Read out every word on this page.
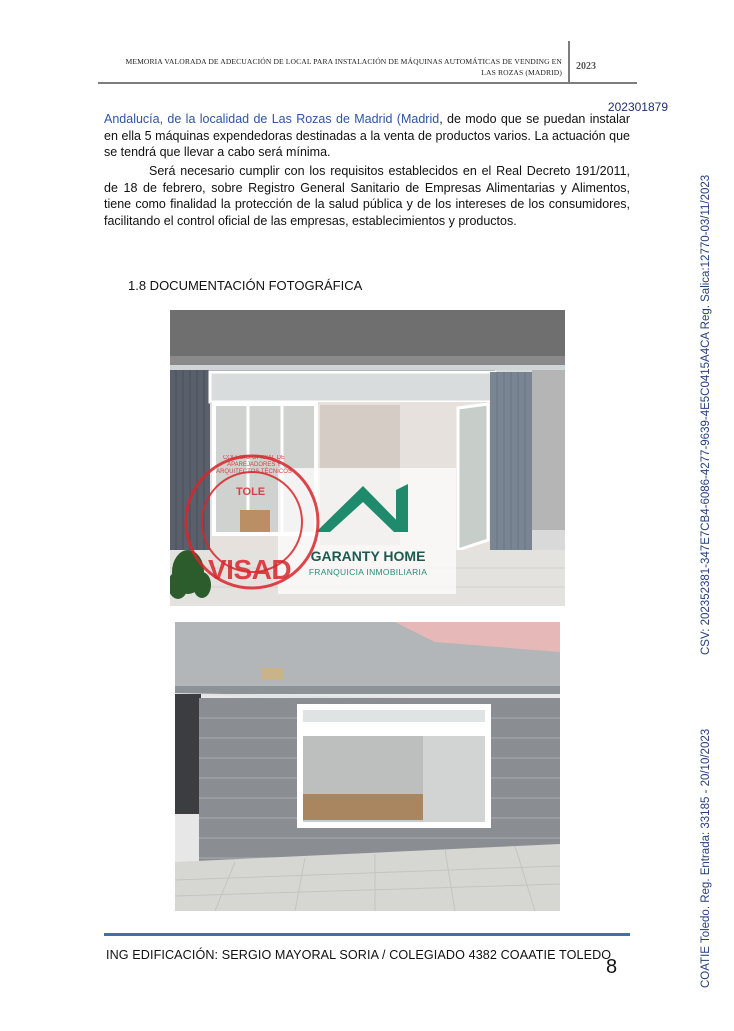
MEMORIA VALORADA DE ADECUACIÓN DE LOCAL PARA INSTALACIÓN DE MÁQUINAS AUTOMÁTICAS DE VENDING EN
LAS ROZAS (MADRID)
2023
202301879
Andalucía, de la localidad de Las Rozas de Madrid (Madrid, de modo que se puedan instalar en ella 5 máquinas expendedoras destinadas a la venta de productos varios. La actuación que se tendrá que llevar a cabo será mínima.
Será necesario cumplir con los requisitos establecidos en el Real Decreto 191/2011, de 18 de febrero, sobre Registro General Sanitario de Empresas Alimentarias y Alimentos, tiene como finalidad la protección de la salud pública y de los intereses de los consumidores, facilitando el control oficial de las empresas, establecimientos y productos.
1.8 DOCUMENTACIÓN FOTOGRÁFICA
COLEGIO OFICIAL DE APAREJADORES Y ARQUITECTOS TÉCNICOS
TOLE
VISAD	GARANTY HOME
FRANQUICIA INMOBILIARIA
ING EDIFICACIÓN: SERGIO MAYORAL SORIA / COLEGIADO 4382 COAATIE TOLEDO
8
CSV: 202352381-347E7CB4-6086-4277-9639-4E5C0415A4CA Reg. Salica:12770-03/11/2023
COATIE Toledo. Reg. Entrada: 33185 - 20/10/2023
